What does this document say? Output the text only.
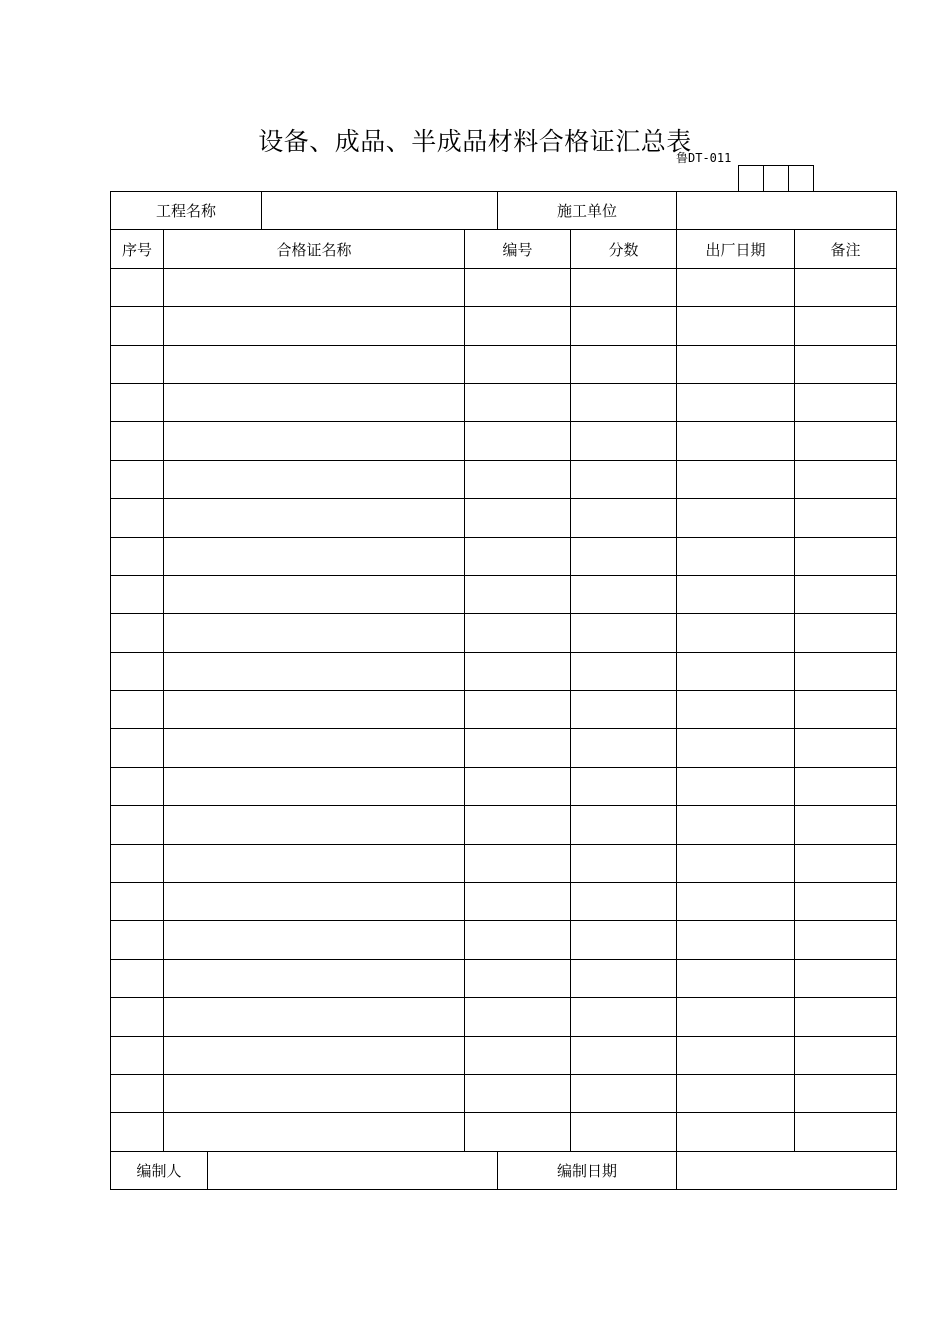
设备、成品、半成品材料合格证汇总表
鲁DT-011
工程名称					施工单位			
序号	合格证名称			编号		分数	出厂日期	备注

编制人					编制日期			
